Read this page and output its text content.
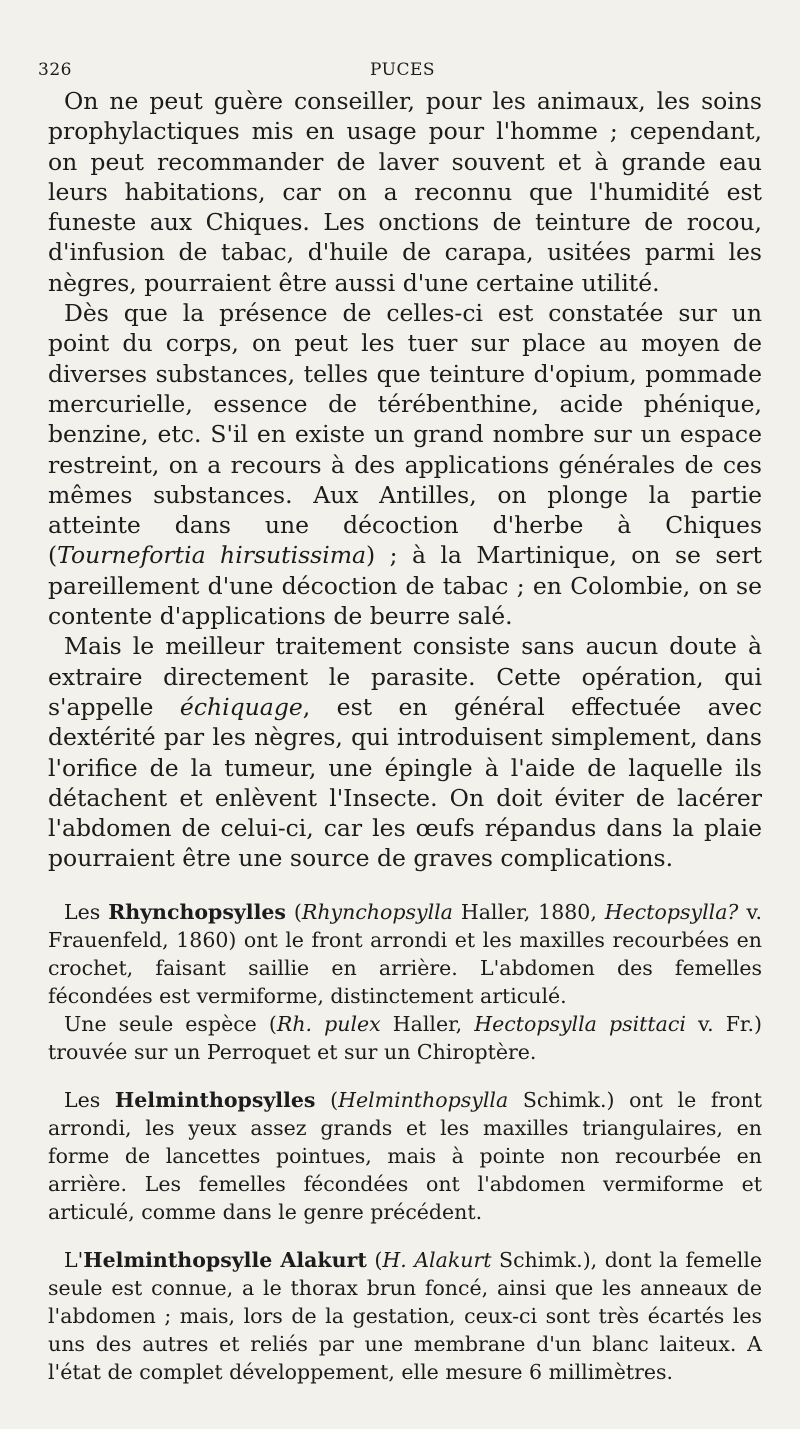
326	PUCES

On ne peut guère conseiller, pour les animaux, les soins prophylactiques mis en usage pour l'homme ; cependant, on peut recommander de laver souvent et à grande eau leurs habitations, car on a reconnu que l'humidité est funeste aux Chiques. Les onctions de teinture de rocou, d'infusion de tabac, d'huile de carapa, usitées parmi les nègres, pourraient être aussi d'une certaine utilité.

Dès que la présence de celles-ci est constatée sur un point du corps, on peut les tuer sur place au moyen de diverses substances, telles que teinture d'opium, pommade mercurielle, essence de térébenthine, acide phénique, benzine, etc. S'il en existe un grand nombre sur un espace restreint, on a recours à des applications générales de ces mêmes substances. Aux Antilles, on plonge la partie atteinte dans une décoction d'herbe à Chiques (Tournefortia hirsutissima) ; à la Martinique, on se sert pareillement d'une décoction de tabac ; en Colombie, on se contente d'applications de beurre salé.

Mais le meilleur traitement consiste sans aucun doute à extraire directement le parasite. Cette opération, qui s'appelle échiquage, est en général effectuée avec dextérité par les nègres, qui introduisent simplement, dans l'orifice de la tumeur, une épingle à l'aide de laquelle ils détachent et enlèvent l'Insecte. On doit éviter de lacérer l'abdomen de celui-ci, car les œufs répandus dans la plaie pourraient être une source de graves complications.

Les Rhynchopsylles (Rhynchopsylla Haller, 1880, Hectopsylla? v. Frauenfeld, 1860) ont le front arrondi et les maxilles recourbées en crochet, faisant saillie en arrière. L'abdomen des femelles fécondées est vermiforme, distinctement articulé.

Une seule espèce (Rh. pulex Haller, Hectopsylla psittaci v. Fr.) trouvée sur un Perroquet et sur un Chiroptère.

Les Helminthopsylles (Helminthopsylla Schimk.) ont le front arrondi, les yeux assez grands et les maxilles triangulaires, en forme de lancettes pointues, mais à pointe non recourbée en arrière. Les femelles fécondées ont l'abdomen vermiforme et articulé, comme dans le genre précédent.

L'Helminthopsylle Alakurt (H. Alakurt Schimk.), dont la femelle seule est connue, a le thorax brun foncé, ainsi que les anneaux de l'abdomen ; mais, lors de la gestation, ceux-ci sont très écartés les uns des autres et reliés par une membrane d'un blanc laiteux. A l'état de complet développement, elle mesure 6 millimètres.
